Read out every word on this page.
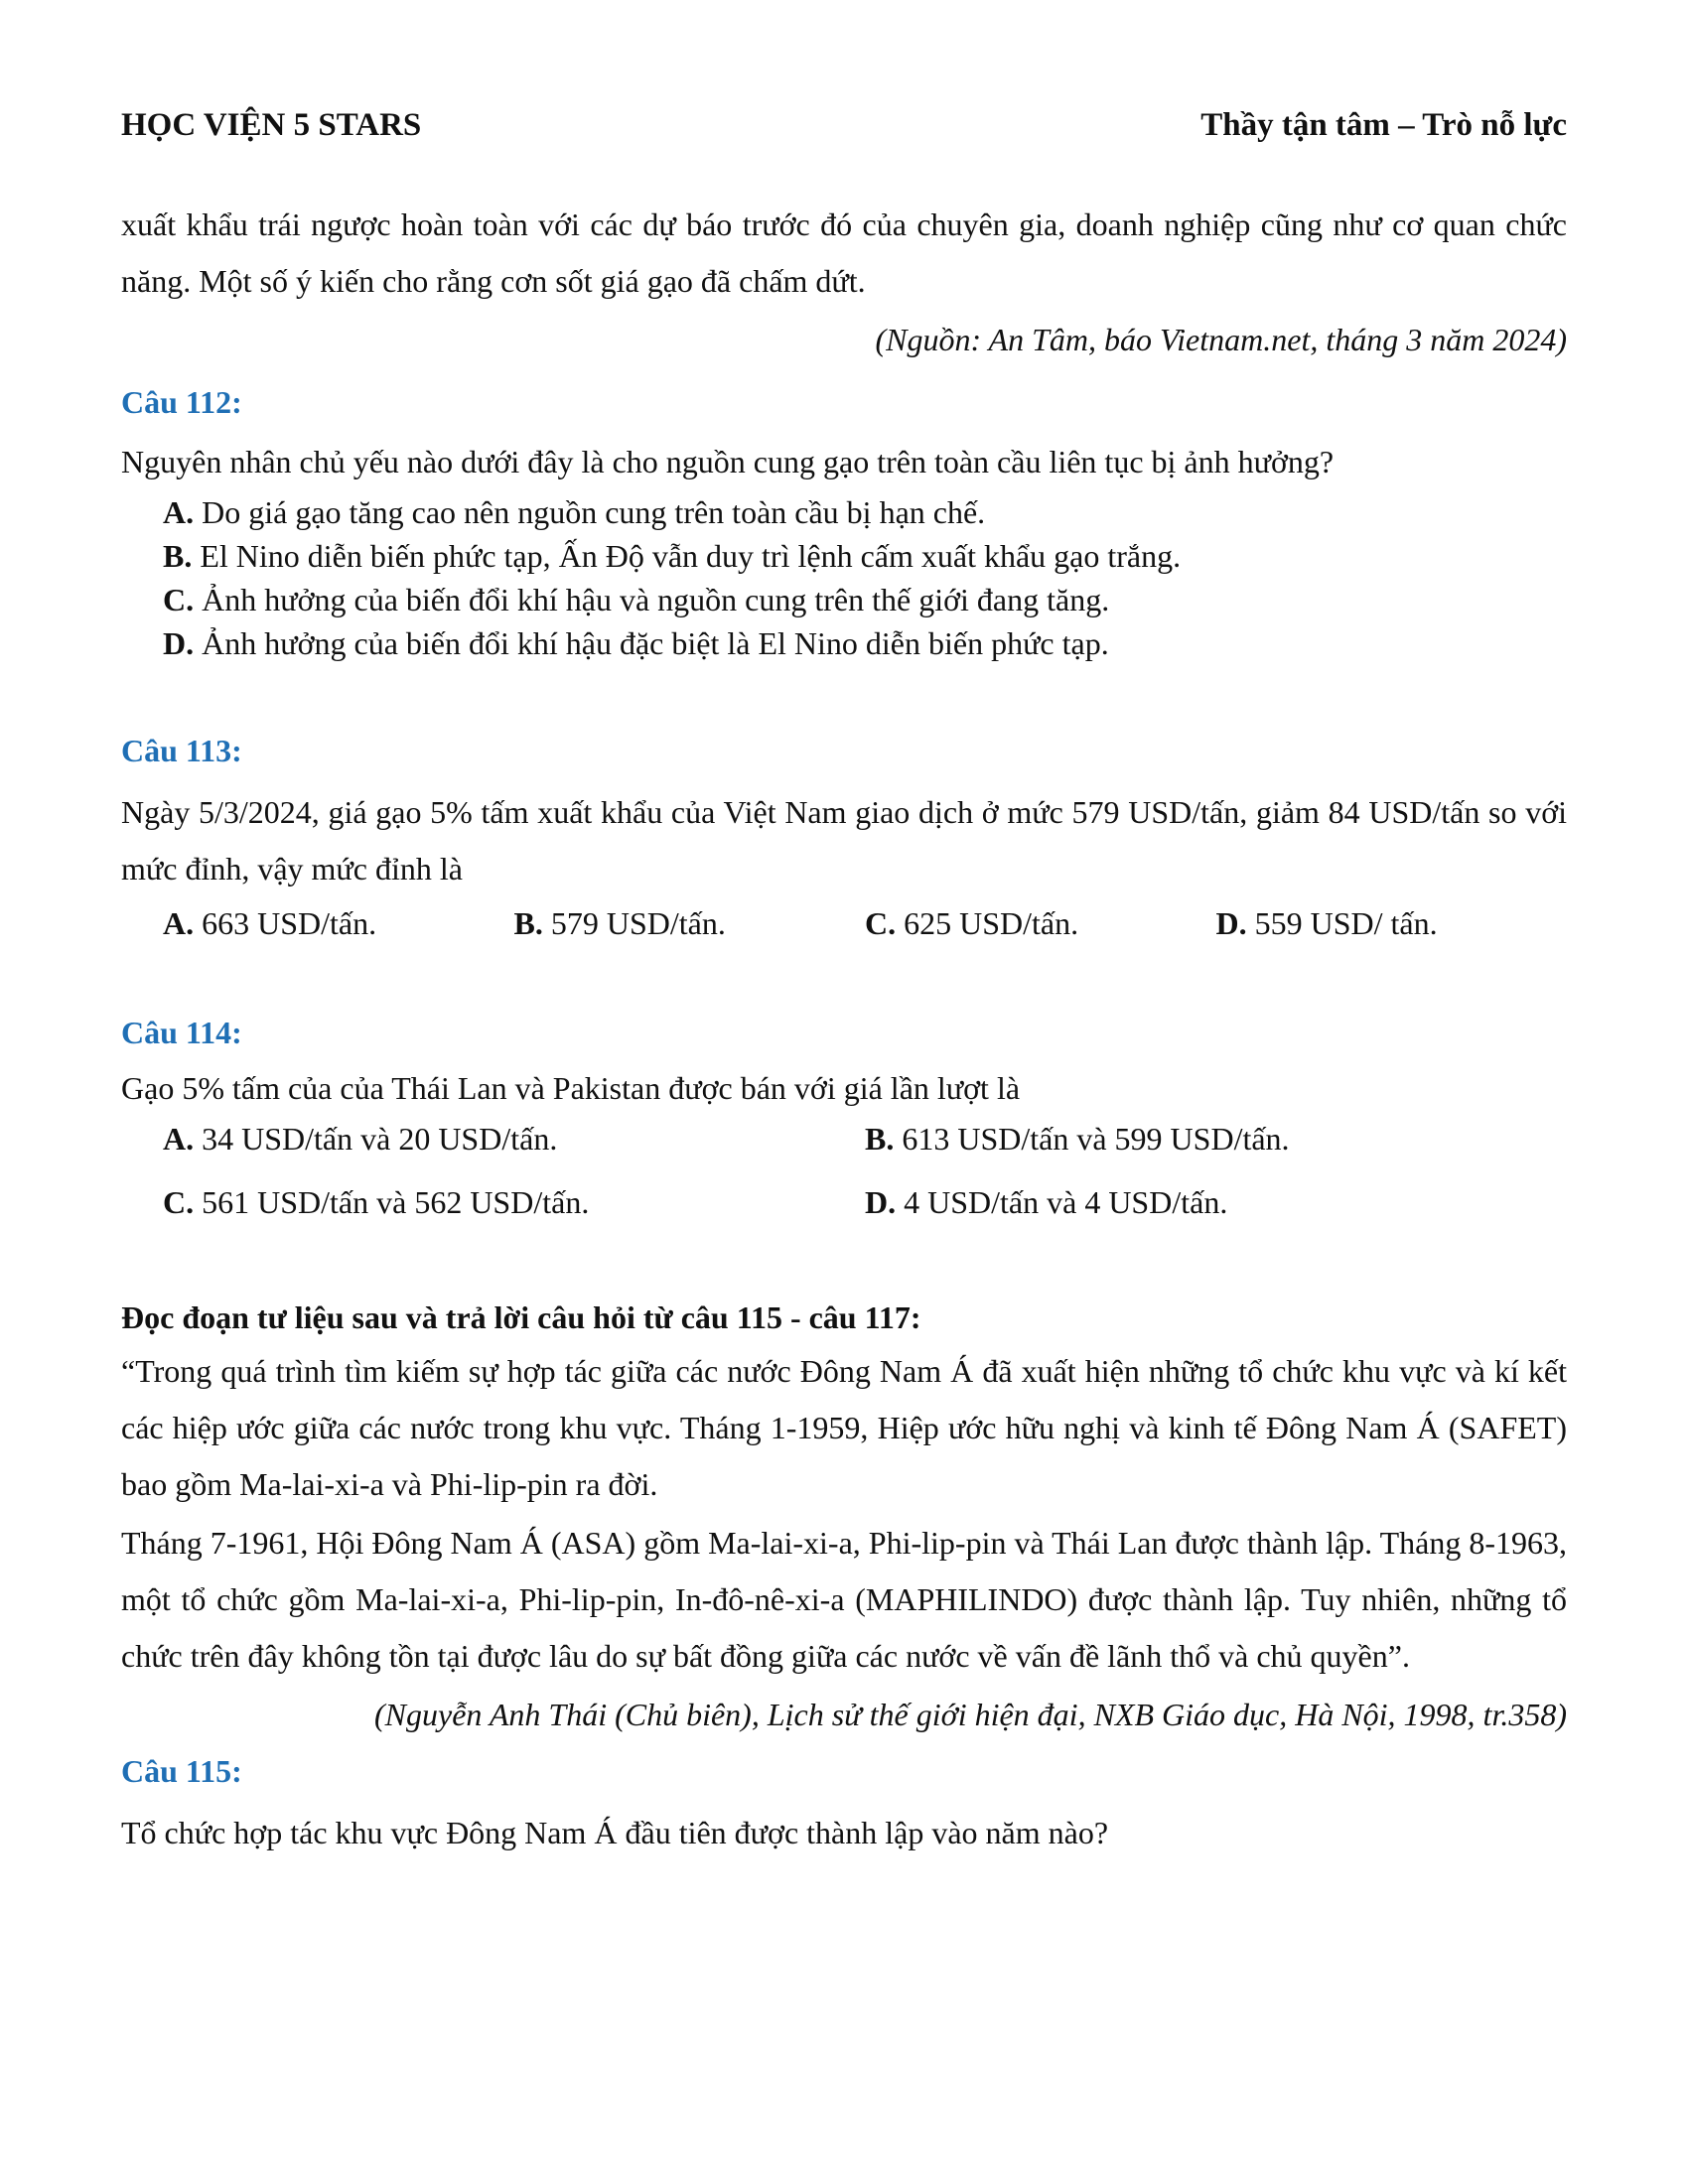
HỌC VIỆN 5 STARS	Thầy tận tâm – Trò nỗ lực

xuất khẩu trái ngược hoàn toàn với các dự báo trước đó của chuyên gia, doanh nghiệp cũng như cơ quan chức năng. Một số ý kiến cho rằng cơn sốt giá gạo đã chấm dứt.

(Nguồn: An Tâm, báo Vietnam.net, tháng 3 năm 2024)

Câu 112:

Nguyên nhân chủ yếu nào dưới đây là cho nguồn cung gạo trên toàn cầu liên tục bị ảnh hưởng?

A. Do giá gạo tăng cao nên nguồn cung trên toàn cầu bị hạn chế.

B. El Nino diễn biến phức tạp, Ấn Độ vẫn duy trì lệnh cấm xuất khẩu gạo trắng.

C. Ảnh hưởng của biến đổi khí hậu và nguồn cung trên thế giới đang tăng.

D. Ảnh hưởng của biến đổi khí hậu đặc biệt là El Nino diễn biến phức tạp.

Câu 113:

Ngày 5/3/2024, giá gạo 5% tấm xuất khẩu của Việt Nam giao dịch ở mức 579 USD/tấn, giảm 84 USD/tấn so với mức đỉnh, vậy mức đỉnh là

A. 663 USD/tấn.	B. 579 USD/tấn.	C. 625 USD/tấn.	D. 559 USD/ tấn.

Câu 114:

Gạo 5% tấm của của Thái Lan và Pakistan được bán với giá lần lượt là

A. 34 USD/tấn và 20 USD/tấn.	B. 613 USD/tấn và 599 USD/tấn.
C. 561 USD/tấn và 562 USD/tấn.	D. 4 USD/tấn và 4 USD/tấn.

Đọc đoạn tư liệu sau và trả lời câu hỏi từ câu 115 - câu 117:

“Trong quá trình tìm kiếm sự hợp tác giữa các nước Đông Nam Á đã xuất hiện những tổ chức khu vực và kí kết các hiệp ước giữa các nước trong khu vực. Tháng 1-1959, Hiệp ước hữu nghị và kinh tế Đông Nam Á (SAFET) bao gồm Ma-lai-xi-a và Phi-lip-pin ra đời.

Tháng 7-1961, Hội Đông Nam Á (ASA) gồm Ma-lai-xi-a, Phi-lip-pin và Thái Lan được thành lập. Tháng 8-1963, một tổ chức gồm Ma-lai-xi-a, Phi-lip-pin, In-đô-nê-xi-a (MAPHILINDO) được thành lập. Tuy nhiên, những tổ chức trên đây không tồn tại được lâu do sự bất đồng giữa các nước về vấn đề lãnh thổ và chủ quyền”.

(Nguyễn Anh Thái (Chủ biên), Lịch sử thế giới hiện đại, NXB Giáo dục, Hà Nội, 1998, tr.358)

Câu 115:

Tổ chức hợp tác khu vực Đông Nam Á đầu tiên được thành lập vào năm nào?
